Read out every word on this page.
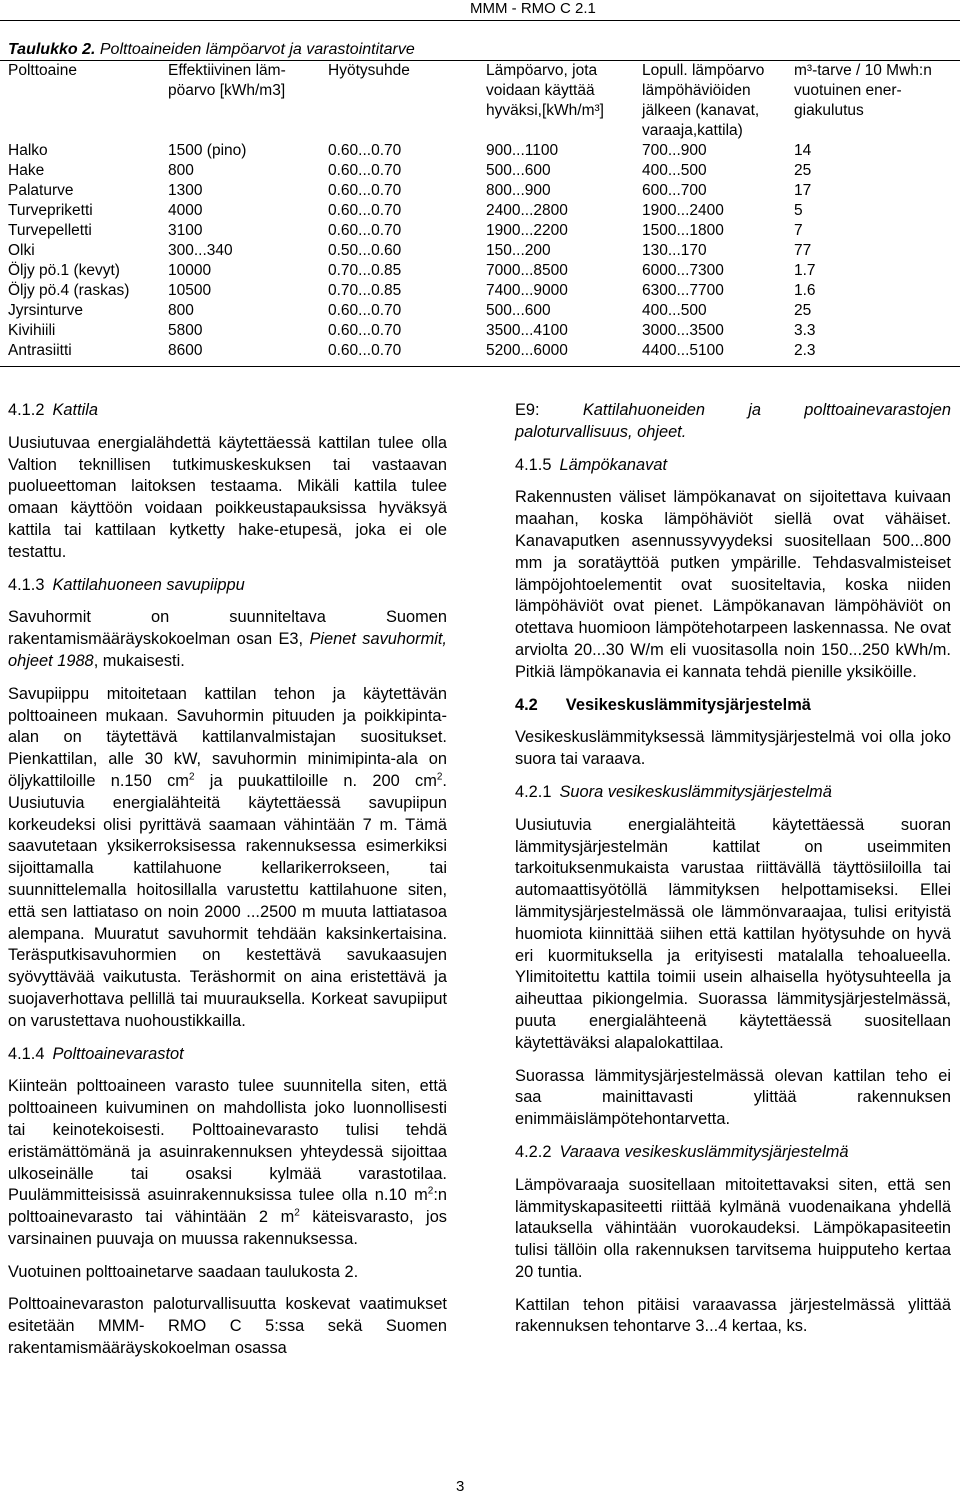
MMM - RMO C 2.1
Taulukko 2. Polttoaineiden lämpöarvot ja varastointitarve
Polttoaine	Effektiivinen läm-pöarvo [kWh/m3]	Hyötysuhde	Lämpöarvo, jota voidaan käyttää hyväksi,[kWh/m³]	Lopull. lämpöarvo lämpöhäviöiden jälkeen (kanavat, varaaja,kattila)	m³-tarve / 10 Mwh:n vuotuinen ener-giakulutus
Halko	1500 (pino)	0.60...0.70	900...1100	700...900	14
Hake	800	0.60...0.70	500...600	400...500	25
Palaturve	1300	0.60...0.70	800...900	600...700	17
Turvepriketti	4000	0.60...0.70	2400...2800	1900...2400	5
Turvepelletti	3100	0.60...0.70	1900...2200	1500...1800	7
Olki	300...340	0.50...0.60	150...200	130...170	77
Öljy pö.1 (kevyt)	10000	0.70...0.85	7000...8500	6000...7300	1.7
Öljy pö.4 (raskas)	10500	0.70...0.85	7400...9000	6300...7700	1.6
Jyrsinturve	800	0.60...0.70	500...600	400...500	25
Kivihiili	5800	0.60...0.70	3500...4100	3000...3500	3.3
Antrasiitti	8600	0.60...0.70	5200...6000	4400...5100	2.3
4.1.2 Kattila

Uusiutuvaa energialähdettä käytettäessä kattilan tulee olla Valtion teknillisen tutkimuskeskuksen tai vastaavan puolueettoman laitoksen testaama. Mikäli kattila tulee omaan käyttöön voidaan poikkeustapauksissa hyväksyä kattila tai kattilaan kytketty hake-etupesä, joka ei ole testattu.

4.1.3 Kattilahuoneen savupiippu

Savuhormit on suunniteltava Suomen rakentamismääräyskokoelman osan E3, Pienet savuhormit, ohjeet 1988, mukaisesti.

Savupiippu mitoitetaan kattilan tehon ja käytettävän polttoaineen mukaan. Savuhormin pituuden ja poikkipinta-alan on täytettävä kattilanvalmistajan suositukset. Pienkattilan, alle 30 kW, savuhormin minimipinta-ala on öljykattiloille n.150 $cm^2$ ja puukattiloille n. 200 $cm^2$. Uusiutuvia energialähteitä käytettäessä savupiipun korkeudeksi olisi pyrittävä saamaan vähintään 7 m. Tämä saavutetaan yksikerroksisessa rakennuksessa esimerkiksi sijoittamalla kattilahuone kellarikerrokseen, tai suunnittelemalla hoitosillalla varustettu kattilahuone siten, että sen lattiataso on noin 2000 ...2500 m muuta lattiatasoa alempana. Muuratut savuhormit tehdään kaksinkertaisina. Teräsputkisavuhormien on kestettävä savukaasujen syövyttävää vaikutusta. Teräshormit on aina eristettävä ja suojaverhottava pellillä tai muurauksella. Korkeat savupiiput on varustettava nuohoustikkailla.

4.1.4 Polttoainevarastot

Kiinteän polttoaineen varasto tulee suunnitella siten, että polttoaineen kuivuminen on mahdollista joko luonnollisesti tai keinotekoisesti. Polttoainevarasto tulisi tehdä eristämättömänä ja asuinrakennuksen yhteydessä sijoittaa ulkoseinälle tai osaksi kylmää varastotilaa. Puulämmitteisissä asuinrakennuksissa tulee olla n.10 $m^2:n$ polttoainevarasto tai vähintään 2 $m^2$ käteisvarasto, jos varsinainen puuvaja on muussa rakennuksessa.

Vuotuinen polttoainetarve saadaan taulukosta 2.

Polttoainevaraston paloturvallisuutta koskevat vaatimukset esitetään MMM- RMO C 5:ssa sekä Suomen rakentamismääräyskokoelman osassa

E9: Kattilahuoneiden ja polttoainevarastojen paloturvallisuus, ohjeet.

4.1.5 Lämpökanavat

Rakennusten väliset lämpökanavat on sijoitettava kuivaan maahan, koska lämpöhäviöt siellä ovat vähäiset. Kanavaputken asennussyvyydeksi suositellaan 500...800 mm ja soratäyttöä putken ympärille. Tehdasvalmisteiset lämpöjohtoelementit ovat suositeltavia, koska niiden lämpöhäviöt ovat pienet. Lämpökanavan lämpöhäviöt on otettava huomioon lämpötehotarpeen laskennassa. Ne ovat arviolta 20...30 W/m eli vuositasolla noin 150...250 kWh/m. Pitkiä lämpökanavia ei kannata tehdä pienille yksiköille.

4.2 Vesikeskuslämmitysjärjestelmä

Vesikeskuslämmityksessä lämmitysjärjestelmä voi olla joko suora tai varaava.

4.2.1 Suora vesikeskuslämmitysjärjestelmä

Uusiutuvia energialähteitä käytettäessä suoran lämmitysjärjestelmän kattilat on useimmiten tarkoituksenmukaista varustaa riittävällä täyttösiiloilla tai automaattisyötöllä lämmityksen helpottamiseksi. Ellei lämmitysjärjestelmässä ole lämmönvaraajaa, tulisi erityistä huomiota kiinnittää siihen että kattilan hyötysuhde on hyvä eri kuormituksella ja erityisesti matalalla tehoalueella. Ylimitoitettu kattila toimii usein alhaisella hyötysuhteella ja aiheuttaa pikiongelmia. Suorassa lämmitysjärjestelmässä, puuta energialähteenä käytettäessä suositellaan käytettäväksi alapalokattilaa.

Suorassa lämmitysjärjestelmässä olevan kattilan teho ei saa mainittavasti ylittää rakennuksen enimmäislämpötehontarvetta.

4.2.2 Varaava vesikeskuslämmitysjärjestelmä

Lämpövaraaja suositellaan mitoitettavaksi siten, että sen lämmityskapasiteetti riittää kylmänä vuodenaikana yhdellä latauksella vähintään vuorokaudeksi. Lämpökapasiteetin tulisi tällöin olla rakennuksen tarvitsema huipputeho kertaa 20 tuntia.

Kattilan tehon pitäisi varaavassa järjestelmässä ylittää rakennuksen tehontarve 3...4 kertaa, ks.

3
